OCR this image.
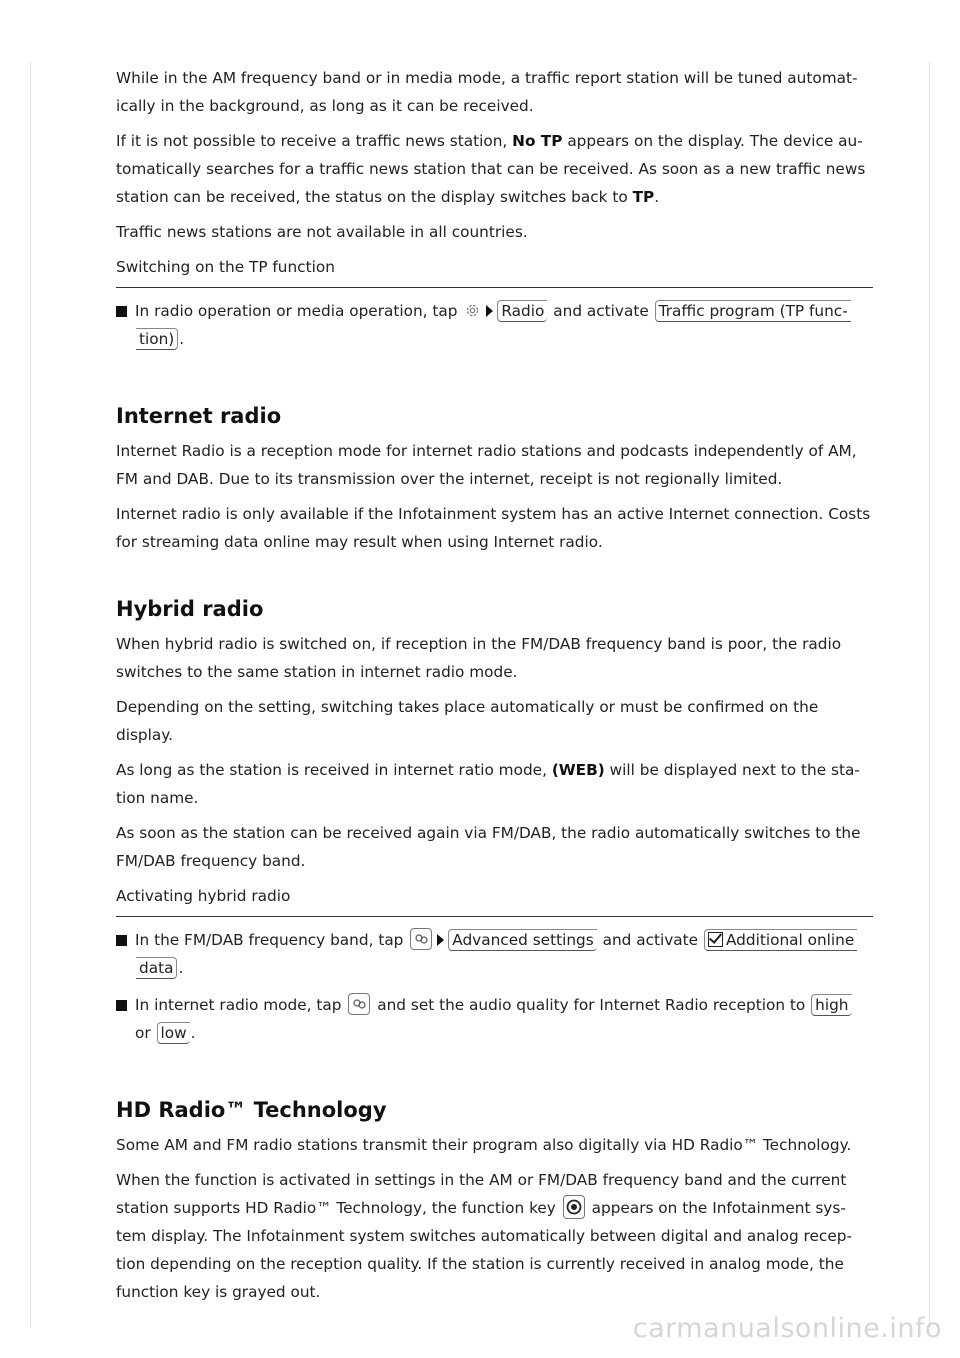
While in the AM frequency band or in media mode, a traffic report station will be tuned automat-ically in the background, as long as it can be received.

If it is not possible to receive a traffic news station, No TP appears on the display. The device au-tomatically searches for a traffic news station that can be received. As soon as a new traffic news station can be received, the status on the display switches back to TP.

Traffic news stations are not available in all countries.

Switching on the TP function

In radio operation or media operation, tap	Radio and activate Traffic program (TP func-
tion) .

Internet radio

Internet Radio is a reception mode for internet radio stations and podcasts independently of AM, FM and DAB. Due to its transmission over the internet, receipt is not regionally limited.

Internet radio is only available if the Infotainment system has an active Internet connection. Costs for streaming data online may result when using Internet radio.

Hybrid radio

When hybrid radio is switched on, if reception in the FM/DAB frequency band is poor, the radio switches to the same station in internet radio mode.

Depending on the setting, switching takes place automatically or must be confirmed on the display.

As long as the station is received in internet ratio mode, (WEB) will be displayed next to the sta-tion name.

As soon as the station can be received again via FM/DAB, the radio automatically switches to the FM/DAB frequency band.

Activating hybrid radio

In the FM/DAB frequency band, tap	Advanced settings and activate Additional online
data .

In internet radio mode, tap and set the audio quality for Internet Radio reception to high
or low .

HD Radio™ Technology

Some AM and FM radio stations transmit their program also digitally via HD Radio™ Technology.

When the function is activated in settings in the AM or FM/DAB frequency band and the current station supports HD Radio™ Technology, the function key appears on the Infotainment sys-tem display. The Infotainment system switches automatically between digital and analog recep-tion depending on the reception quality. If the station is currently received in analog mode, the function key is grayed out.

carmanualsonline.info
